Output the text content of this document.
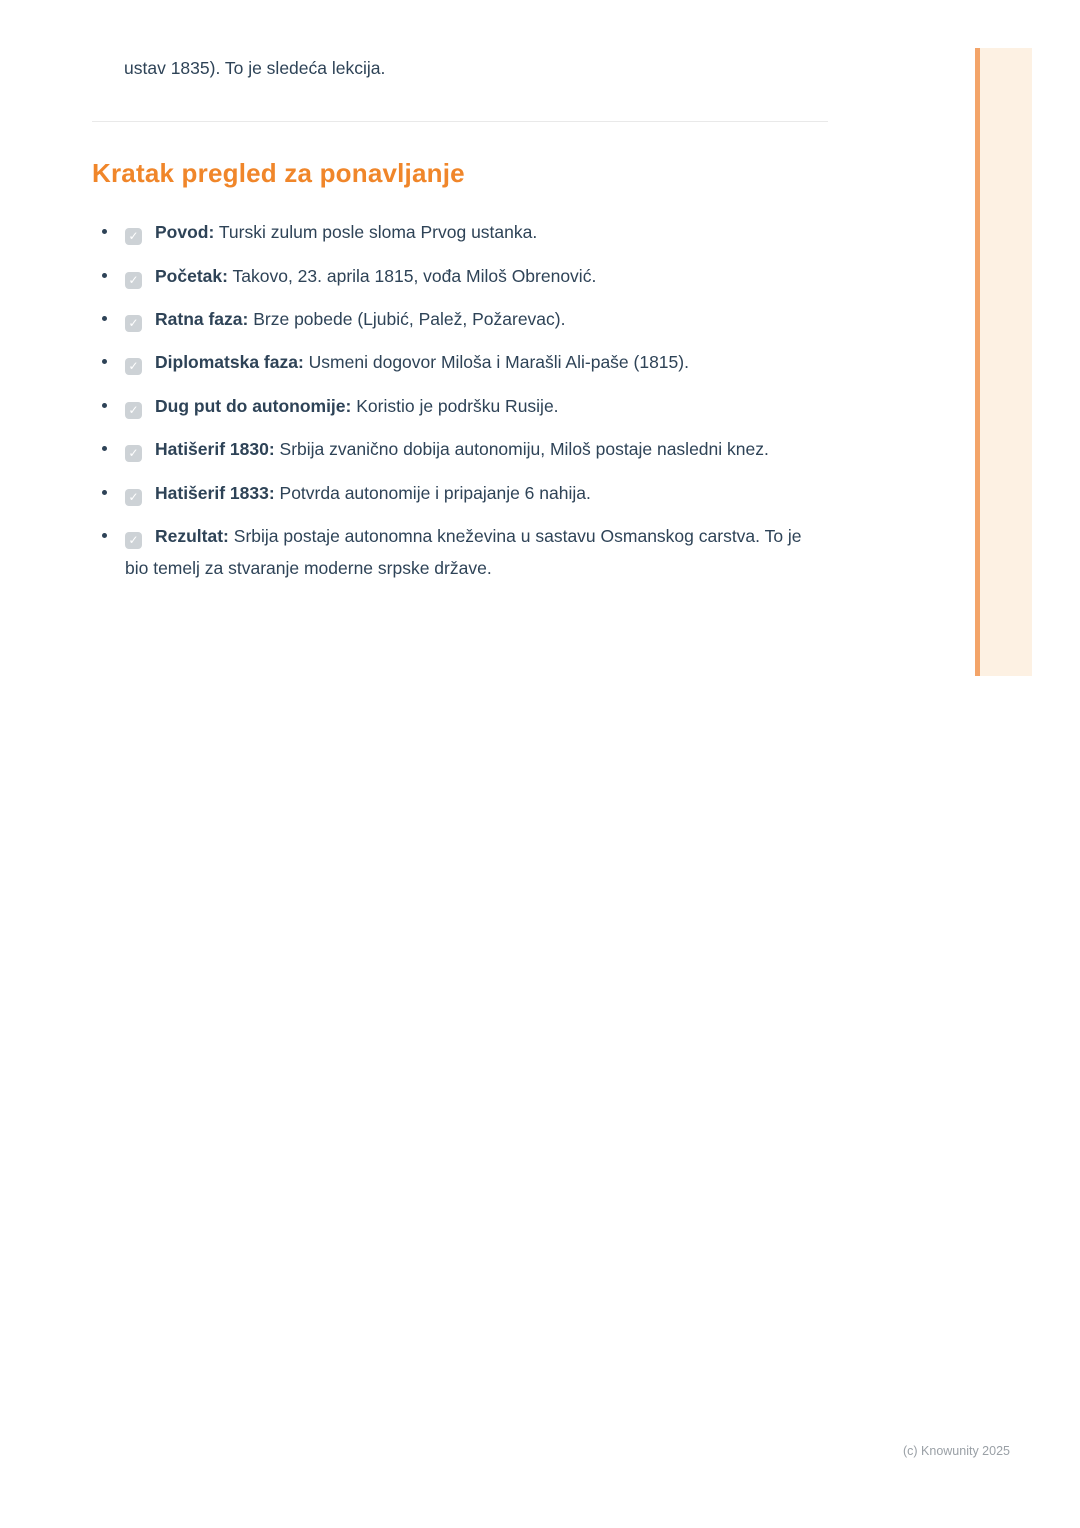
ustav 1835). To je sledeća lekcija.

Kratak pregled za ponavljanje
✓ Povod: Turski zulum posle sloma Prvog ustanka.
✓ Početak: Takovo, 23. aprila 1815, vođa Miloš Obrenović.
✓ Ratna faza: Brze pobede (Ljubić, Palež, Požarevac).
✓ Diplomatska faza: Usmeni dogovor Miloša i Marašli Ali-paše (1815).
✓ Dug put do autonomije: Koristio je podršku Rusije.
✓ Hatišerif 1830: Srbija zvanično dobija autonomiju, Miloš postaje nasledni knez.
✓ Hatišerif 1833: Potvrda autonomije i pripajanje 6 nahija.
✓ Rezultat: Srbija postaje autonomna kneževina u sastavu Osmanskog carstva. To je bio temelj za stvaranje moderne srpske države.
(c) Knowunity 2025
